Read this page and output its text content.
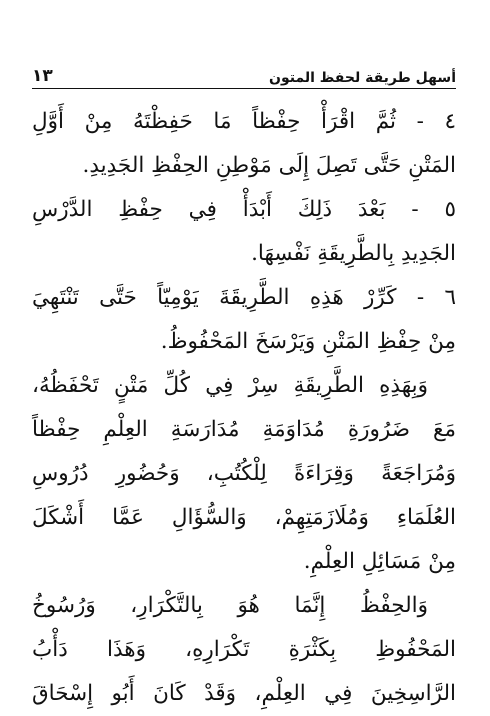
أسهل طريقة لحفظ المتون
١٣
٤ - ثُمَّ اقْرَأْ حِفْظاً مَا حَفِظْتَهُ مِنْ أَوَّلِ
المَتْنِ حَتَّى تَصِلَ إِلَى مَوْطِنِ الحِفْظِ الجَدِيدِ.
٥ - بَعْدَ ذَلِكَ أَبْدَأْ فِي حِفْظِ الدَّرْسِ
الجَدِيدِ بِالطَّرِيقَةِ نَفْسِهَا.
٦ - كَرِّرْ هَذِهِ الطَّرِيقَةَ يَوْمِيّاً حَتَّى تَنْتَهِيَ
مِنْ حِفْظِ المَتْنِ وَيَرْسَخَ المَحْفُوظُ.
وَبِهَذِهِ الطَّرِيقَةِ سِرْ فِي كُلِّ مَتْنٍ تَحْفَظُهُ،
مَعَ ضَرُورَةِ مُدَاوَمَةِ مُدَارَسَةِ العِلْمِ حِفْظاً
وَمُرَاجَعَةً وَقِرَاءَةً لِلْكُتُبِ، وَحُضُورِ دُرُوسِ
العُلَمَاءِ وَمُلَازَمَتِهِمْ، وَالسُّؤَالِ عَمَّا أَشْكَلَ
مِنْ مَسَائِلِ العِلْمِ.
وَالحِفْظُ إِنَّمَا هُوَ بِالتَّكْرَارِ، وَرُسُوخُ
المَحْفُوظِ بِكَثْرَةِ تَكْرَارِهِ، وَهَذَا دَأْبُ
الرَّاسِخِينَ فِي العِلْمِ، وَقَدْ كَانَ أَبُو إِسْحَاقَ
